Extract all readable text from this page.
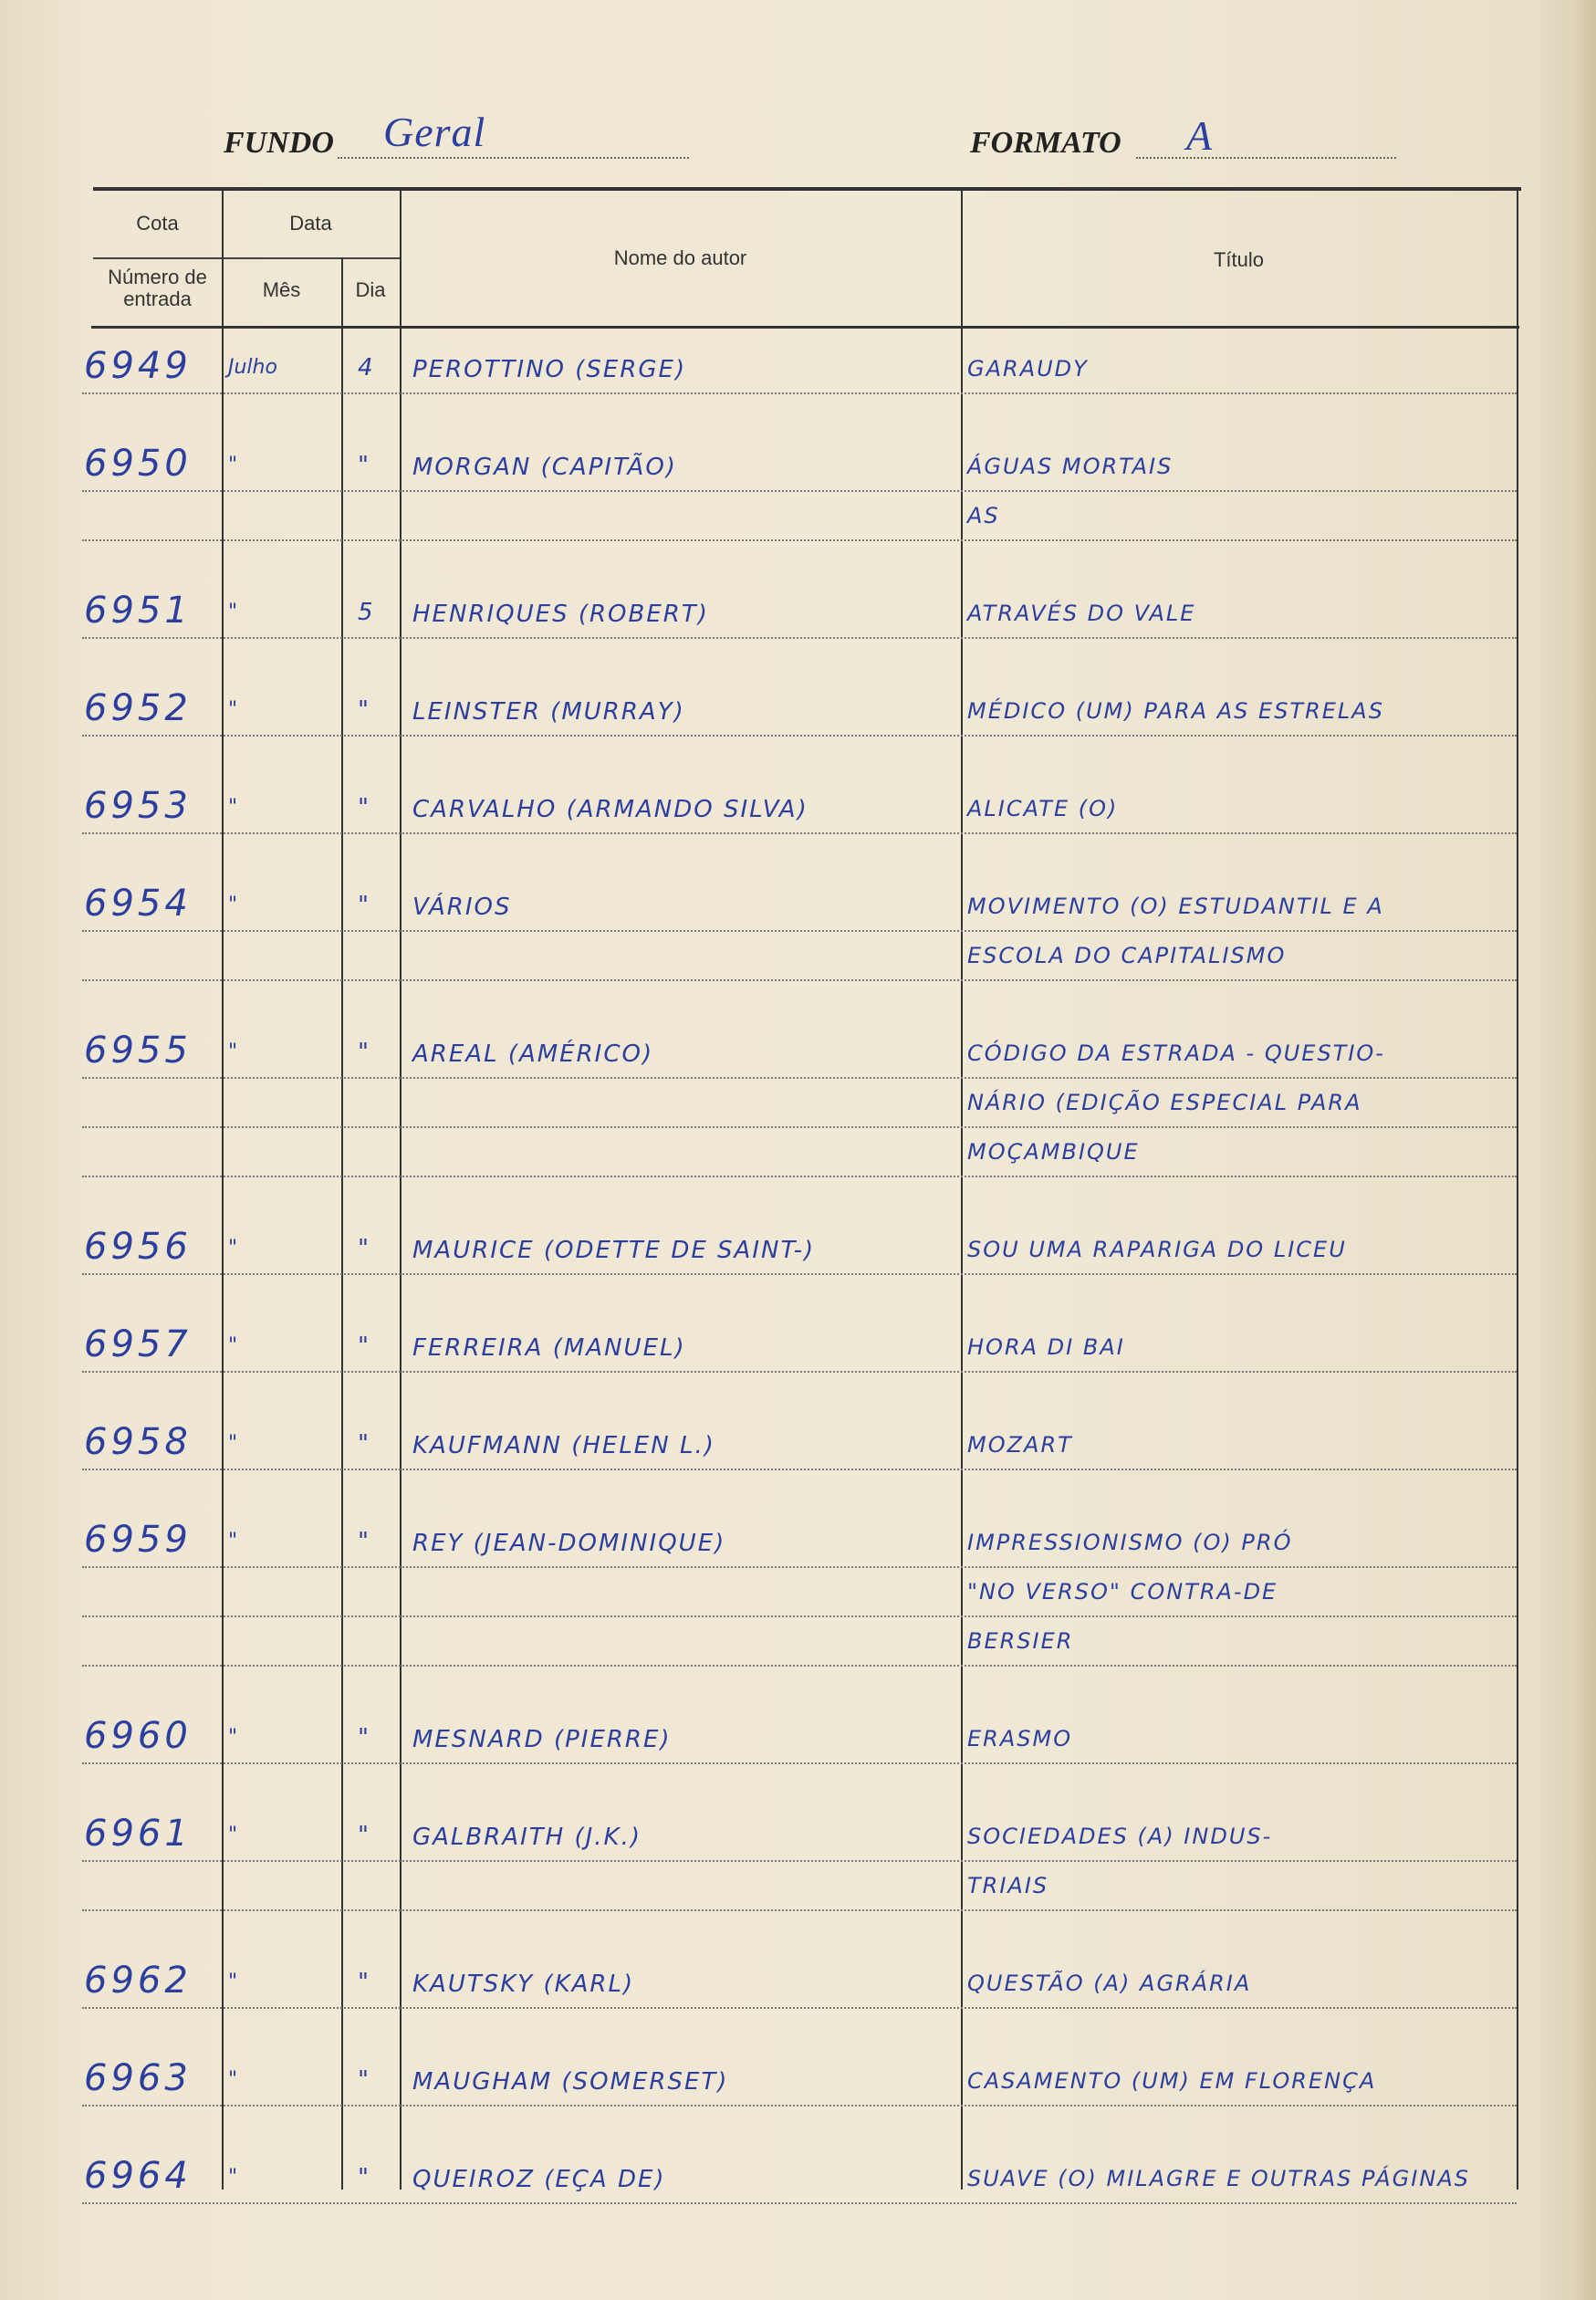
FUNDO Geral	FORMATO A
Cota
Número de entrada
Data
Mês	Dia
Nome do autor	Título
6949 Julho	4 PEROTTINO (SERGE)	GARAUDY
6950 "	" MORGAN (CAPITÃO)	ÁGUAS MORTAIS
AS
6951 "	5 HENRIQUES (ROBERT)	ATRAVÉS DO VALE
6952 "	" LEINSTER (MURRAY)	MÉDICO (UM) PARA AS ESTRELAS
6953 "	" CARVALHO (ARMANDO SILVA)	ALICATE (O)
6954 "	" VÁRIOS	MOVIMENTO (O) ESTUDANTIL E A
ESCOLA DO CAPITALISMO
6955 "	" AREAL (AMÉRICO)	CÓDIGO DA ESTRADA - QUESTIO-
NÁRIO (EDIÇÃO ESPECIAL PARA
MOÇAMBIQUE
6956 "	" MAURICE (ODETTE DE SAINT-)	SOU UMA RAPARIGA DO LICEU
6957 "	" FERREIRA (MANUEL)	HORA DI BAI
6958 "	" KAUFMANN (HELEN L.)	MOZART
6959 "	" REY (JEAN-DOMINIQUE)	IMPRESSIONISMO (O) PRÓ
"NO VERSO" CONTRA-DE
BERSIER
6960 "	" MESNARD (PIERRE)	ERASMO
6961 "	" GALBRAITH (J.K.)	SOCIEDADES (A) INDUS-
TRIAIS
6962 "	" KAUTSKY (KARL)	QUESTÃO (A) AGRÁRIA
6963 "	" MAUGHAM (SOMERSET)	CASAMENTO (UM) EM FLORENÇA
6964 "	" QUEIROZ (EÇA DE)	SUAVE (O) MILAGRE E OUTRAS PÁGINAS
